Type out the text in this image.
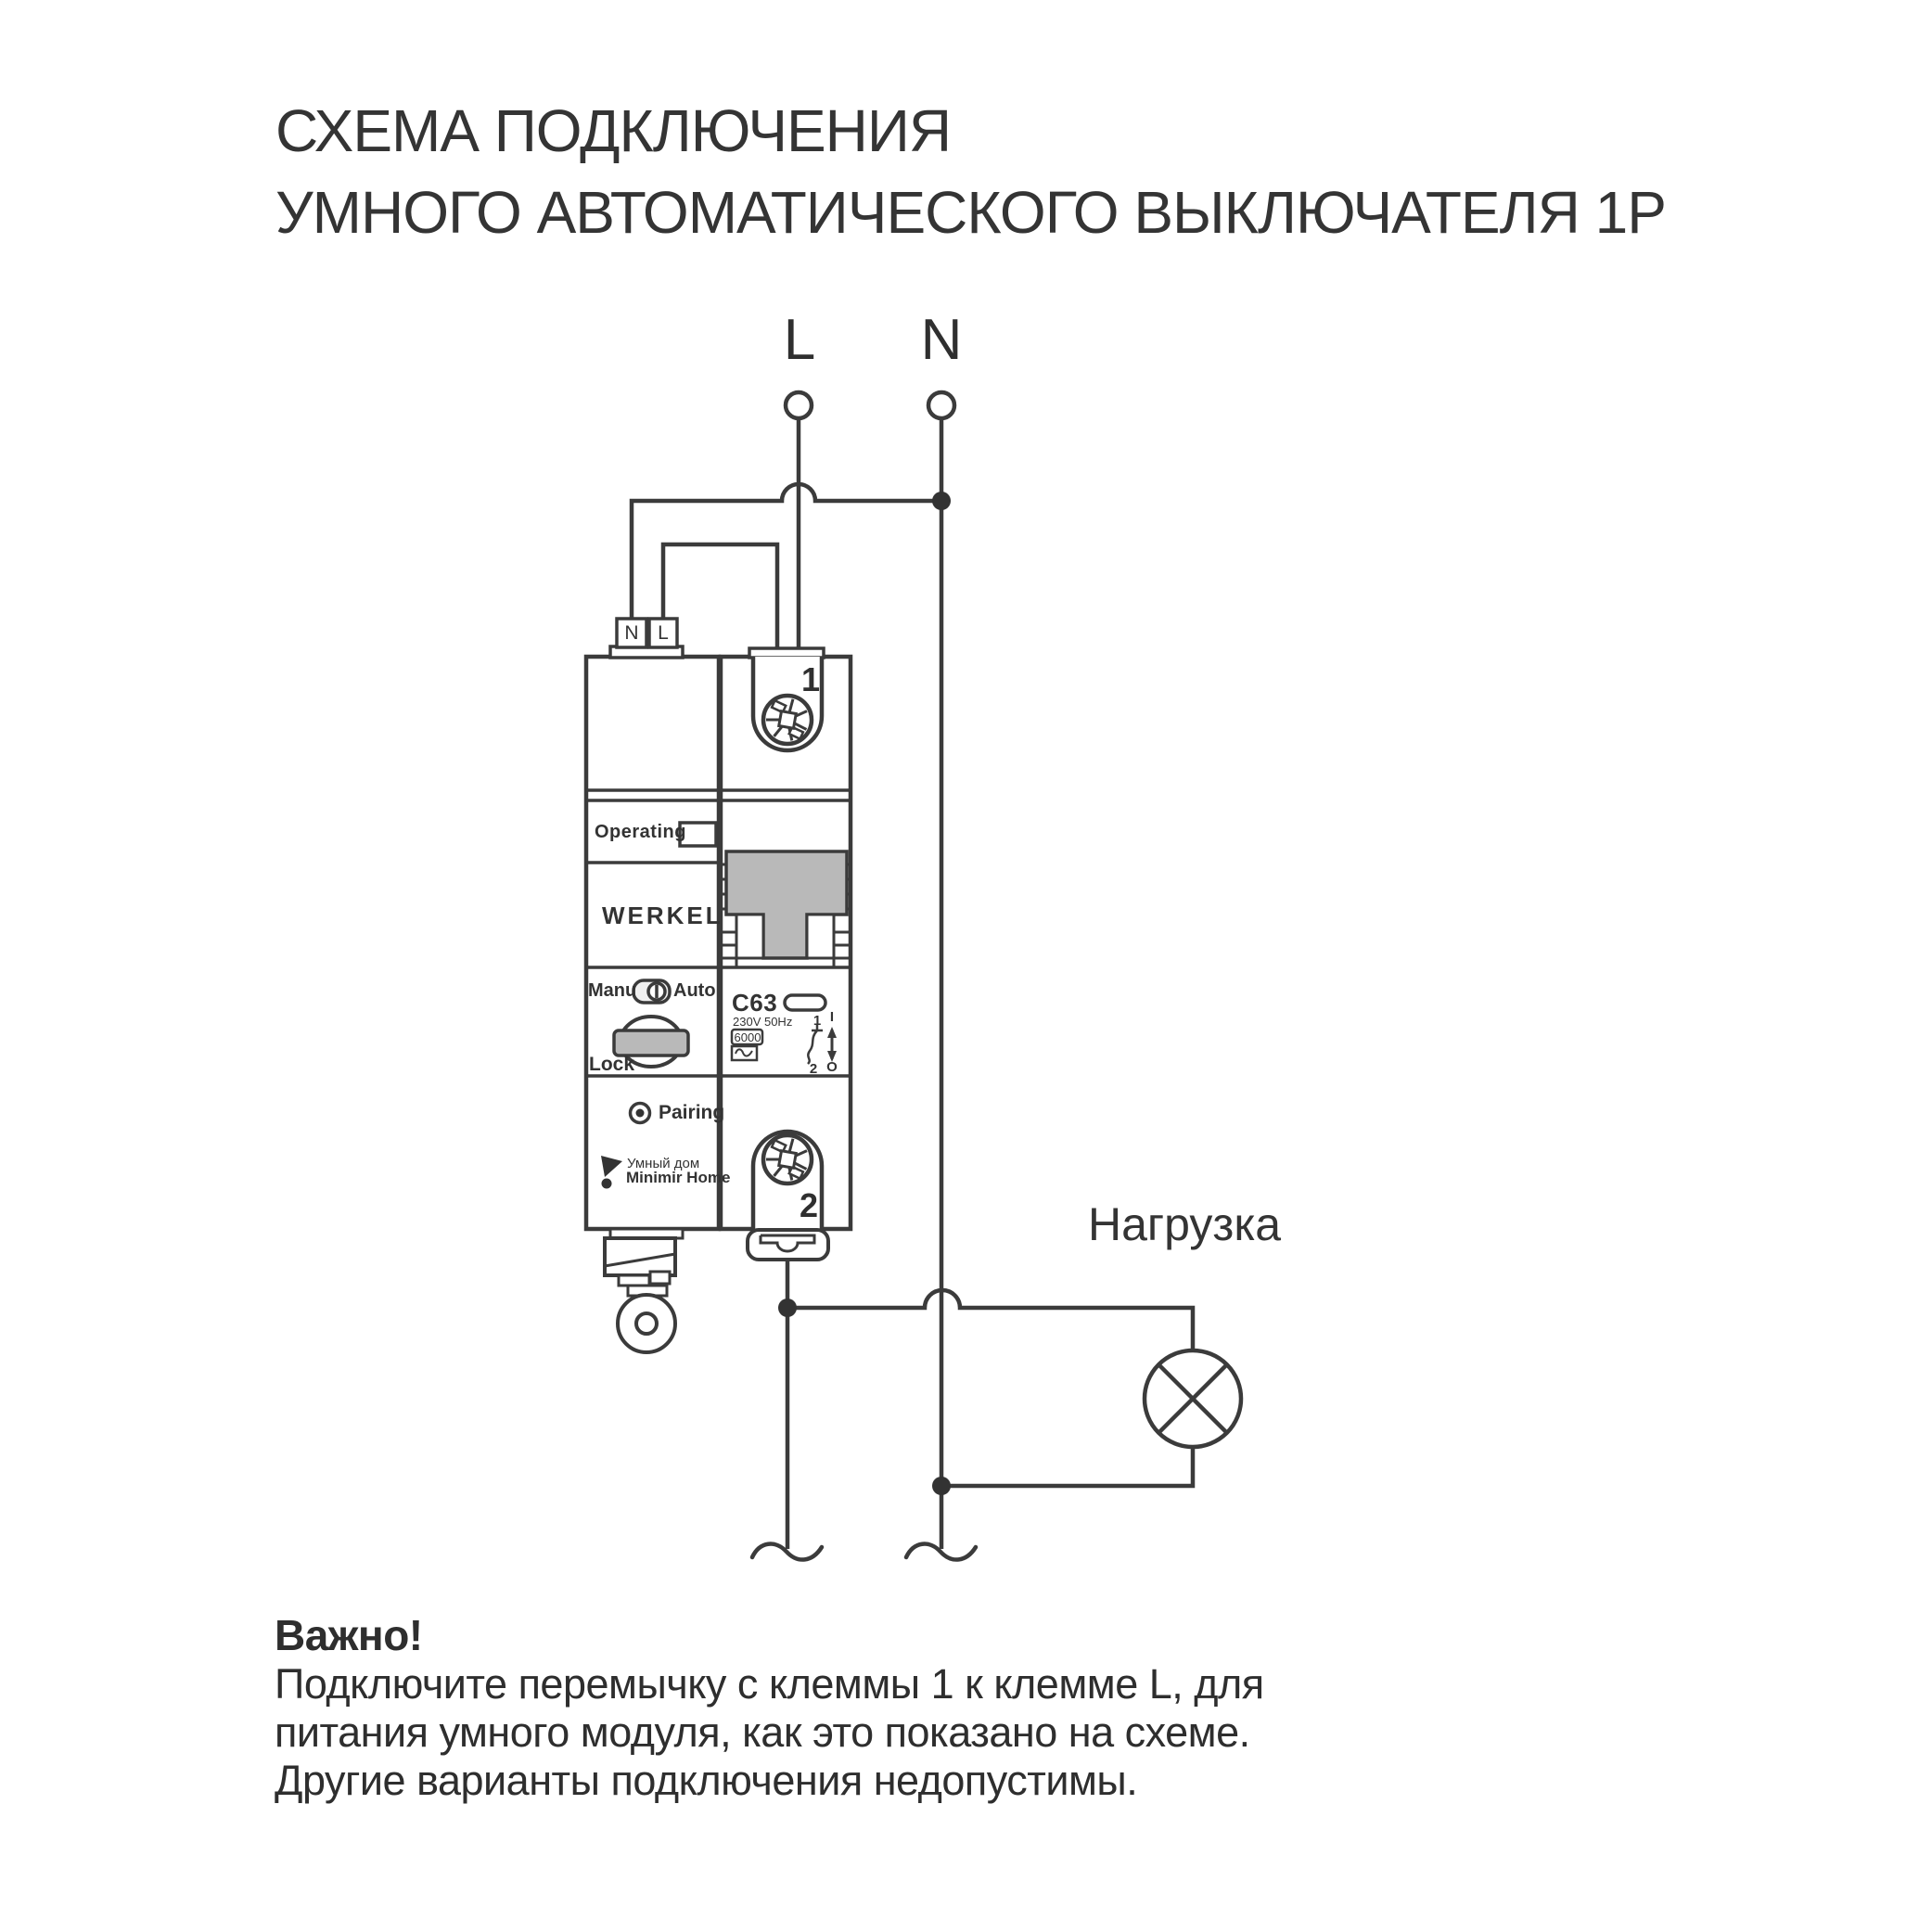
СХЕМА ПОДКЛЮЧЕНИЯ
УМНОГО АВТОМАТИЧЕСКОГО ВЫКЛЮЧАТЕЛЯ 1P
L N
N L
1
2
Operating
WERKEL
Manu Auto
Lock
Pairing
Умный дом
Minimir Home
C63
230V 50Hz
6000
1
2
I
O
Нагрузка
Важно!
Подключите перемычку с клеммы 1 к клемме L, для
питания умного модуля, как это показано на схеме.
Другие варианты подключения недопустимы.
